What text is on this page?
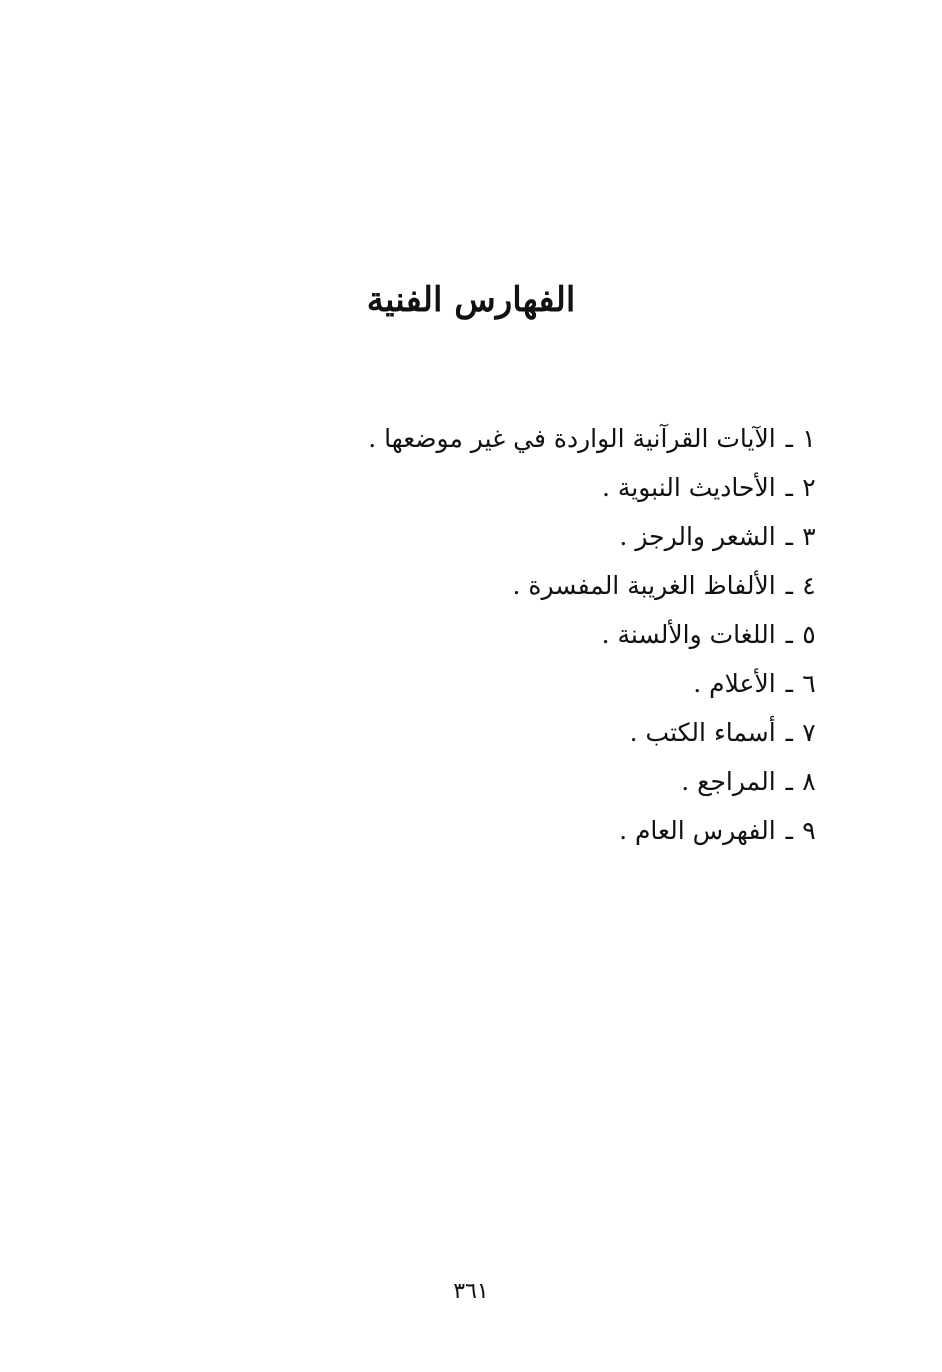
الفهارس الفنية
١ـالآيات القرآنية الواردة في غير موضعها .
٢ـالأحاديث النبوية .
٣ـالشعر والرجز .
٤ـالألفاظ الغريبة المفسرة .
٥ـاللغات والألسنة .
٦ـالأعلام .
٧ـأسماء الكتب .
٨ـالمراجع .
٩ـالفهرس العام .
٣٦١
